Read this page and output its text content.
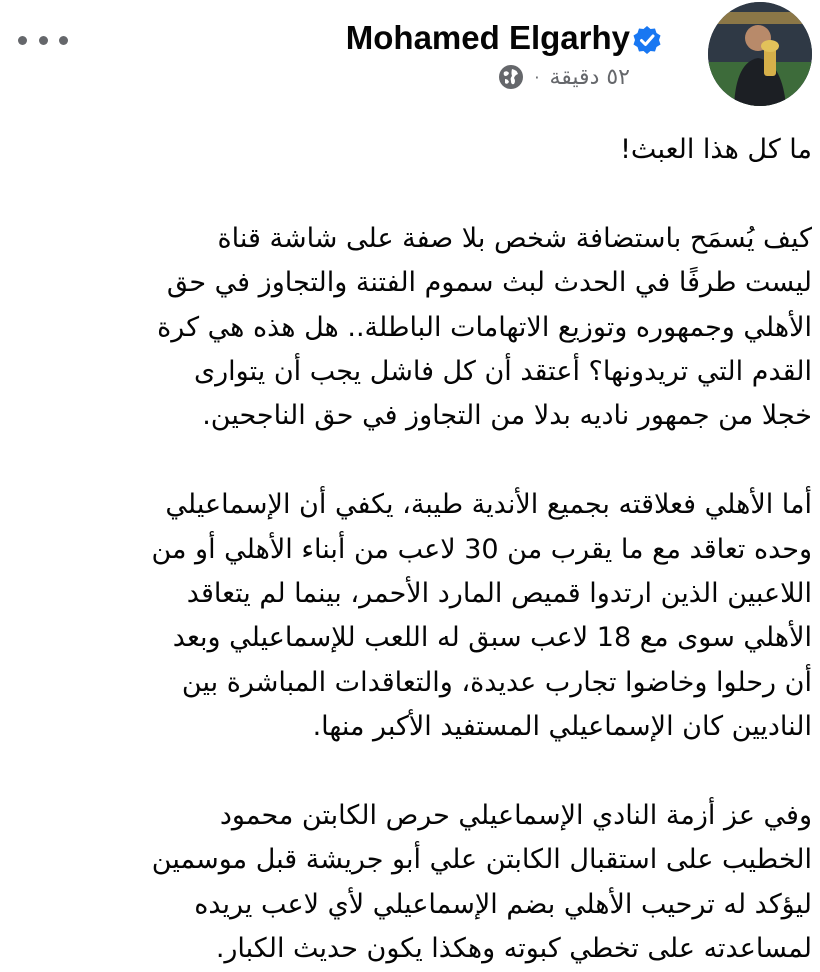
Mohamed Elgarhy
٥٢ دقيقة
·

ما كل هذا العبث!

كيف يُسمَح باستضافة شخص بلا صفة على شاشة قناة

ليست طرفًا في الحدث لبث سموم الفتنة والتجاوز في حق

الأهلي وجمهوره وتوزيع الاتهامات الباطلة.. هل هذه هي كرة

القدم التي تريدونها؟ أعتقد أن كل فاشل يجب أن يتوارى

خجلا من جمهور ناديه بدلا من التجاوز في حق الناجحين.

أما الأهلي فعلاقته بجميع الأندية طيبة، يكفي أن الإسماعيلي

وحده تعاقد مع ما يقرب من 30 لاعب من أبناء الأهلي أو من

اللاعبين الذين ارتدوا قميص المارد الأحمر، بينما لم يتعاقد

الأهلي سوى مع 18 لاعب سبق له اللعب للإسماعيلي وبعد

أن رحلوا وخاضوا تجارب عديدة، والتعاقدات المباشرة بين

الناديين كان الإسماعيلي المستفيد الأكبر منها.

وفي عز أزمة النادي الإسماعيلي حرص الكابتن محمود

الخطيب على استقبال الكابتن علي أبو جريشة قبل موسمين

ليؤكد له ترحيب الأهلي بضم الإسماعيلي لأي لاعب يريده

لمساعدته على تخطي كبوته وهكذا يكون حديث الكبار.
